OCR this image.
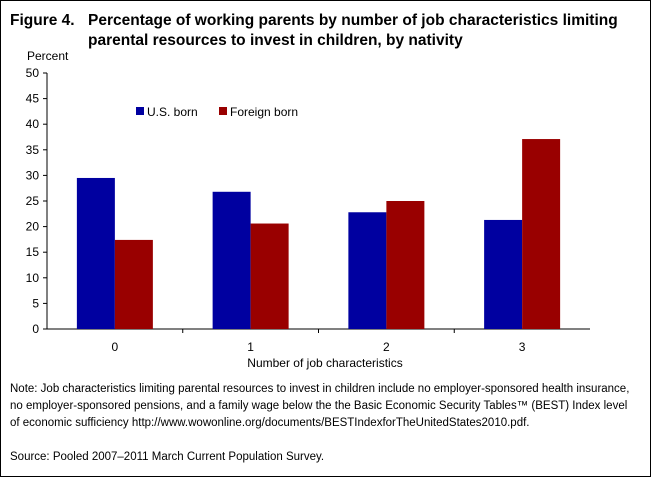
Figure 4. Percentage of working parents by number of job characteristics limiting
parental resources to invest in children, by nativity
Percent
0
5
10
15
20
25
30
35
40
45
50
0	1	2	3
U.S. born	Foreign born
Number of job characteristics
Note: Job characteristics limiting parental resources to invest in children include no employer-sponsored health insurance, no employer-sponsored pensions, and a family wage below the the Basic Economic Security Tables™ (BEST) Index level of economic sufficiency http://www.wowonline.org/documents/BESTIndexforTheUnitedStates2010.pdf.
Source: Pooled 2007–2011 March Current Population Survey.
